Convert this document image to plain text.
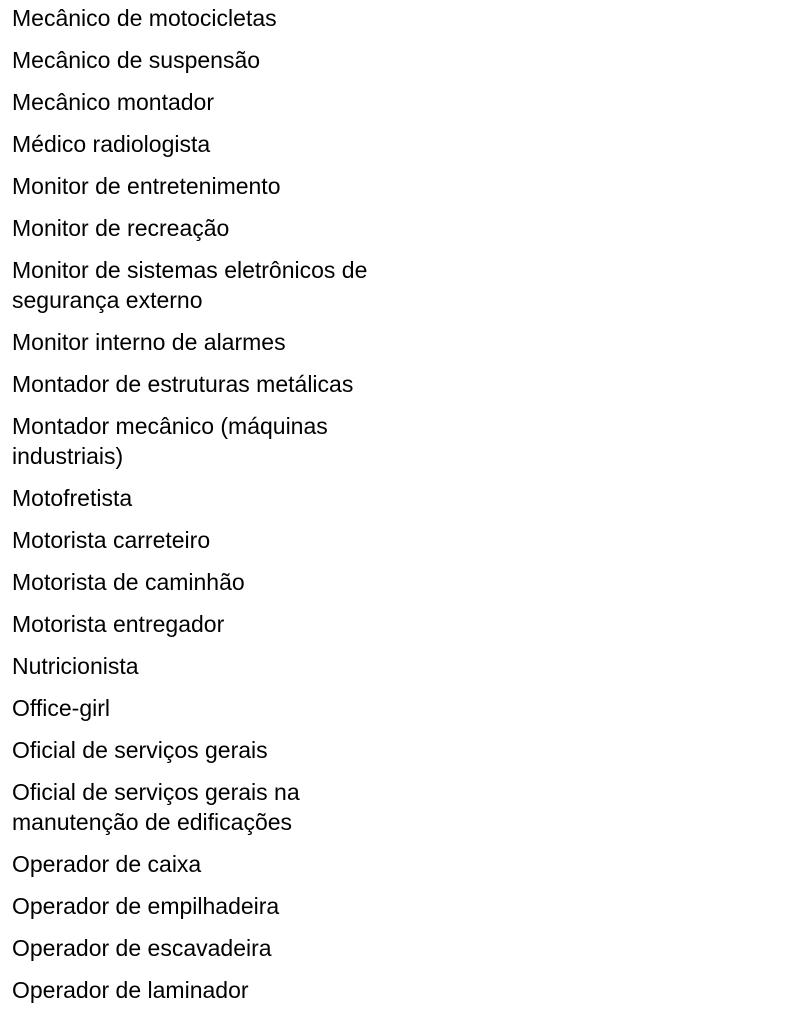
Mecânico de motocicletas
Mecânico de suspensão
Mecânico montador
Médico radiologista
Monitor de entretenimento
Monitor de recreação
Monitor de sistemas eletrônicos de segurança externo
Monitor interno de alarmes
Montador de estruturas metálicas
Montador mecânico (máquinas industriais)
Motofretista
Motorista carreteiro
Motorista de caminhão
Motorista entregador
Nutricionista
Office-girl
Oficial de serviços gerais
Oficial de serviços gerais na manutenção de edificações
Operador de caixa
Operador de empilhadeira
Operador de escavadeira
Operador de laminador
